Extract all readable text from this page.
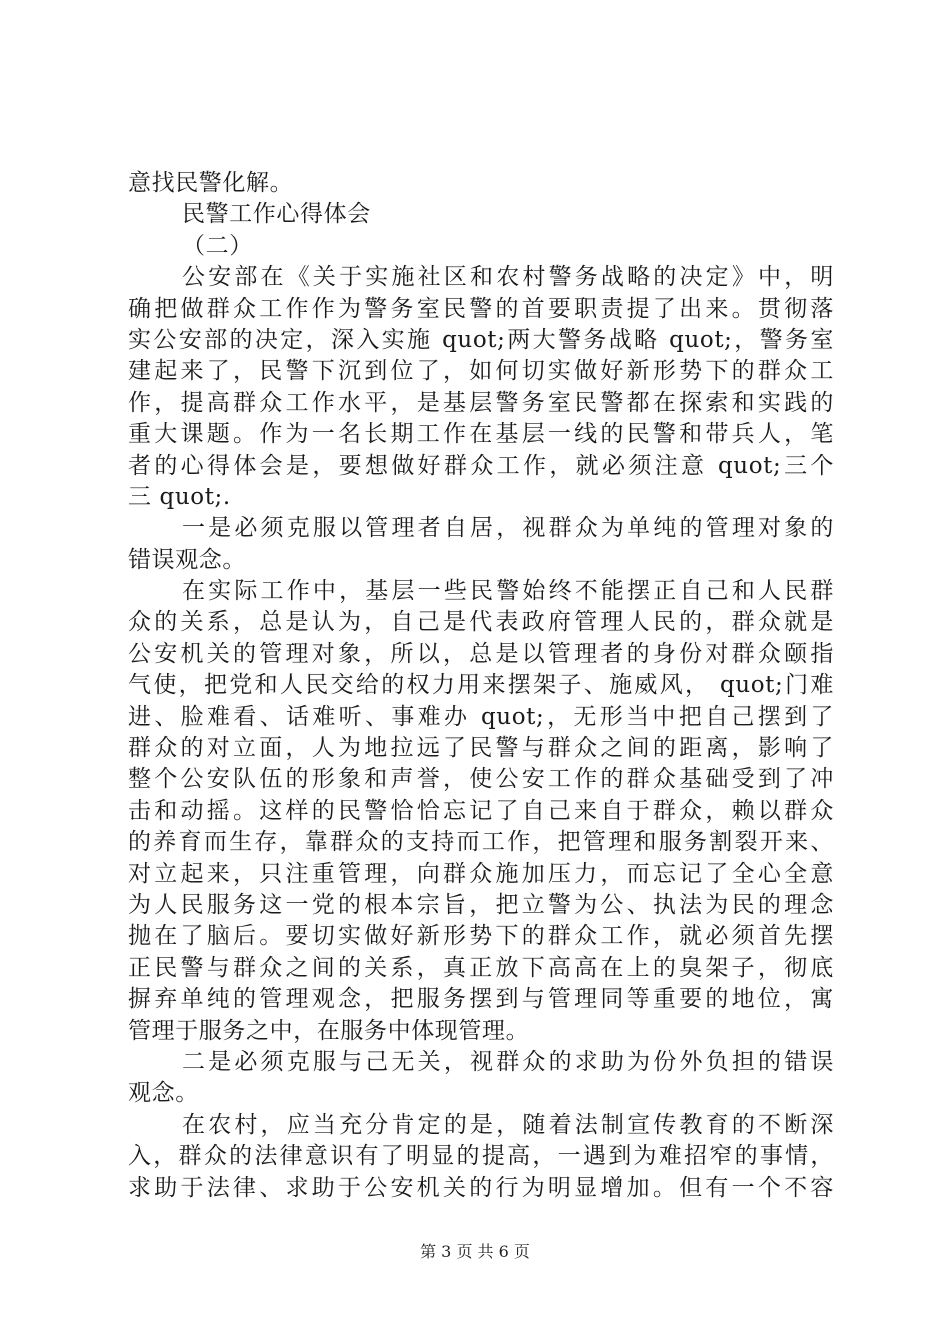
意找民警化解。
民警工作心得体会
（二）
公安部在《关于实施社区和农村警务战略的决定》中，明
确把做群众工作作为警务室民警的首要职责提了出来。贯彻落
实公安部的决定，深入实施 quot;两大警务战略 quot;，警务室
建起来了，民警下沉到位了，如何切实做好新形势下的群众工
作，提高群众工作水平，是基层警务室民警都在探索和实践的
重大课题。作为一名长期工作在基层一线的民警和带兵人，笔
者的心得体会是，要想做好群众工作，就必须注意 quot;三个
三 quot;.
一是必须克服以管理者自居，视群众为单纯的管理对象的
错误观念。
在实际工作中，基层一些民警始终不能摆正自己和人民群
众的关系，总是认为，自己是代表政府管理人民的，群众就是
公安机关的管理对象，所以，总是以管理者的身份对群众颐指
气使，把党和人民交给的权力用来摆架子、施威风， quot;门难
进、脸难看、话难听、事难办 quot;，无形当中把自己摆到了
群众的对立面，人为地拉远了民警与群众之间的距离，影响了
整个公安队伍的形象和声誉，使公安工作的群众基础受到了冲
击和动摇。这样的民警恰恰忘记了自己来自于群众，赖以群众
的养育而生存，靠群众的支持而工作，把管理和服务割裂开来、
对立起来，只注重管理，向群众施加压力，而忘记了全心全意
为人民服务这一党的根本宗旨，把立警为公、执法为民的理念
抛在了脑后。要切实做好新形势下的群众工作，就必须首先摆
正民警与群众之间的关系，真正放下高高在上的臭架子，彻底
摒弃单纯的管理观念，把服务摆到与管理同等重要的地位，寓
管理于服务之中，在服务中体现管理。
二是必须克服与己无关，视群众的求助为份外负担的错误
观念。
在农村，应当充分肯定的是，随着法制宣传教育的不断深
入，群众的法律意识有了明显的提高，一遇到为难招窄的事情，
求助于法律、求助于公安机关的行为明显增加。但有一个不容
第 3 页 共 6 页
